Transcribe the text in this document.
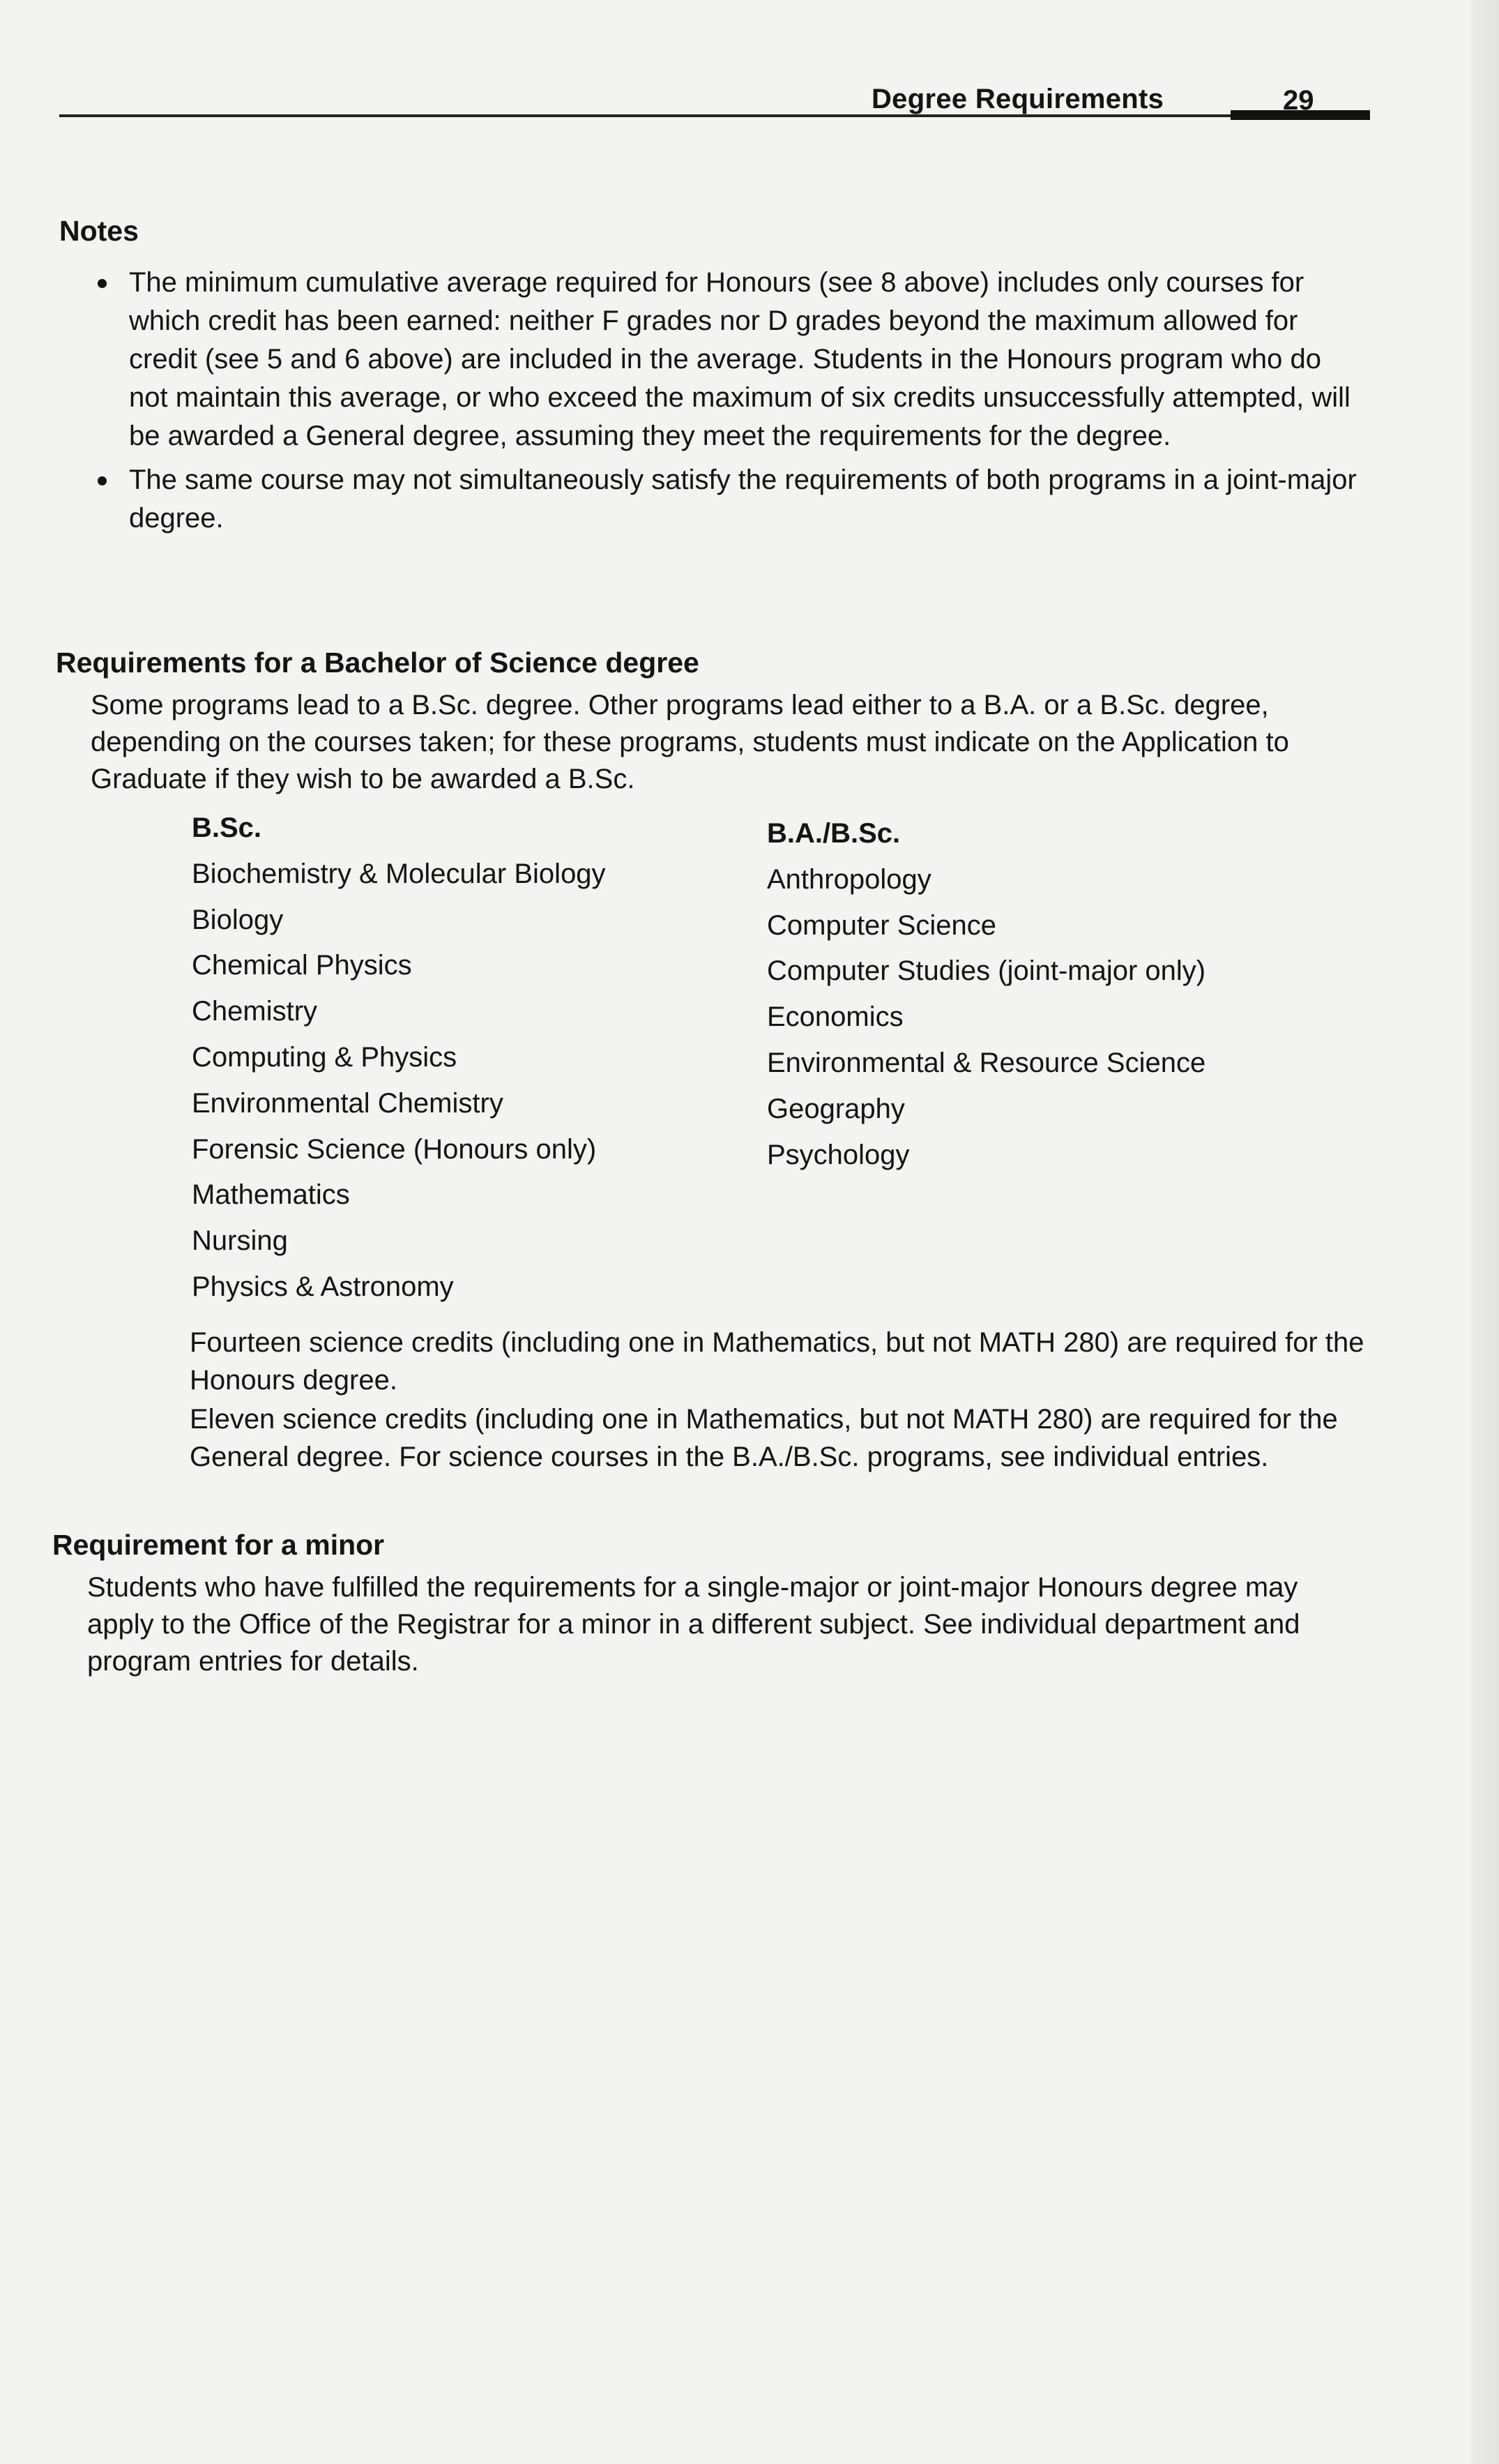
Degree Requirements	29
Notes
The minimum cumulative average required for Honours (see 8 above) includes only courses for which credit has been earned: neither F grades nor D grades beyond the maximum allowed for credit (see 5 and 6 above) are included in the average. Students in the Honours program who do not maintain this average, or who exceed the maximum of six credits unsuccessfully attempted, will be awarded a General degree, assuming they meet the requirements for the degree.
The same course may not simultaneously satisfy the requirements of both programs in a joint-major degree.
Requirements for a Bachelor of Science degree
Some programs lead to a B.Sc. degree. Other programs lead either to a B.A. or a B.Sc. degree, depending on the courses taken; for these programs, students must indicate on the Application to Graduate if they wish to be awarded a B.Sc.
B.Sc.
Biochemistry & Molecular Biology
Biology
Chemical Physics
Chemistry
Computing & Physics
Environmental Chemistry
Forensic Science (Honours only)
Mathematics
Nursing
Physics & Astronomy
B.A./B.Sc.
Anthropology
Computer Science
Computer Studies (joint-major only)
Economics
Environmental & Resource Science
Geography
Psychology

Fourteen science credits (including one in Mathematics, but not MATH 280) are required for the Honours degree.

Eleven science credits (including one in Mathematics, but not MATH 280) are required for the General degree. For science courses in the B.A./B.Sc. programs, see individual entries.

Requirement for a minor
Students who have fulfilled the requirements for a single-major or joint-major Honours degree may apply to the Office of the Registrar for a minor in a different subject. See individual department and program entries for details.
